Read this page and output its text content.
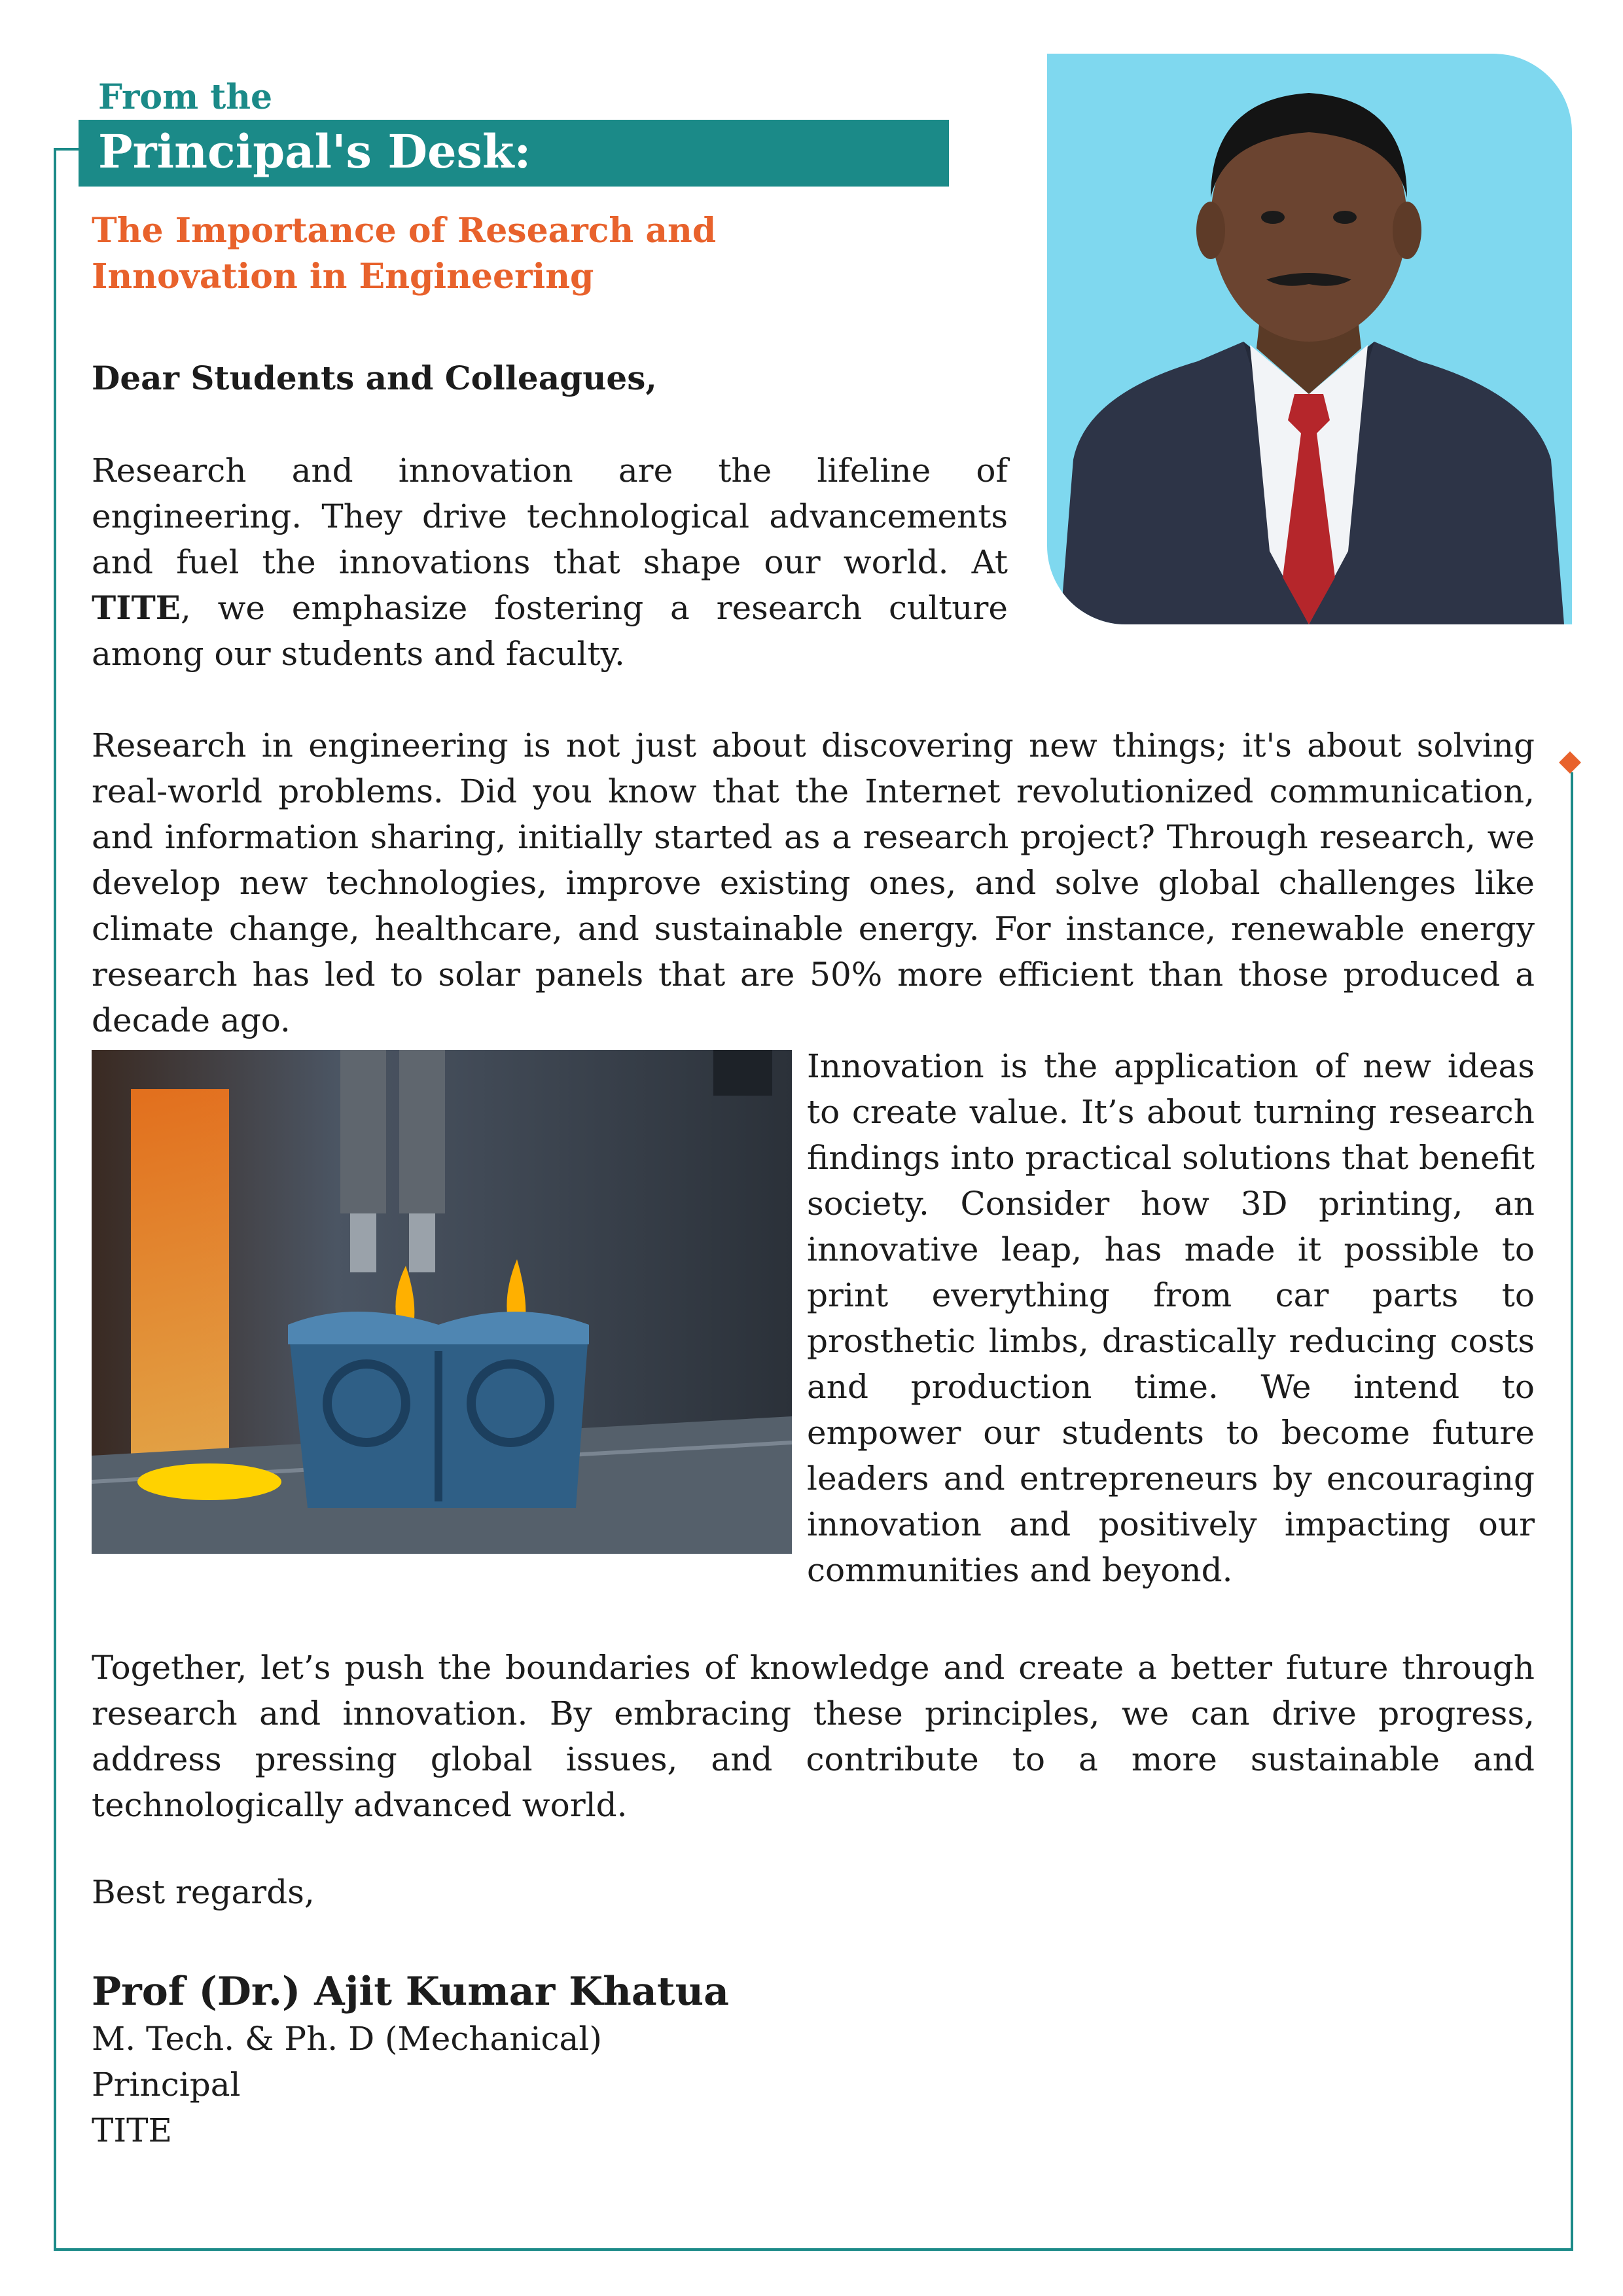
From the
Principal's Desk:
The Importance of Research and
Innovation in Engineering
Dear Students and Colleagues,
Research and innovation are the lifeline of engineering. They drive technological advancements and fuel the innovations that shape our world. At TITE, we emphasize fostering a research culture among our students and faculty.
Research in engineering is not just about discovering new things; it's about solving real-world problems. Did you know that the Internet revolutionized communication, and information sharing, initially started as a research project? Through research, we develop new technologies, improve existing ones, and solve global challenges like climate change, healthcare, and sustainable energy. For instance, renewable energy research has led to solar panels that are 50% more efficient than those produced a decade ago.
Innovation is the application of new ideas to create value. It’s about turning research findings into practical solutions that benefit society. Consider how 3D printing, an innovative leap, has made it possible to print everything from car parts to prosthetic limbs, drastically reducing costs and production time. We intend to empower our students to become future leaders and entrepreneurs by encouraging innovation and positively impacting our communities and beyond.
Together, let’s push the boundaries of knowledge and create a better future through research and innovation. By embracing these principles, we can drive progress, address pressing global issues, and contribute to a more sustainable and technologically advanced world.
Best regards,
Prof (Dr.) Ajit Kumar Khatua
M. Tech. & Ph. D (Mechanical)
Principal
TITE
